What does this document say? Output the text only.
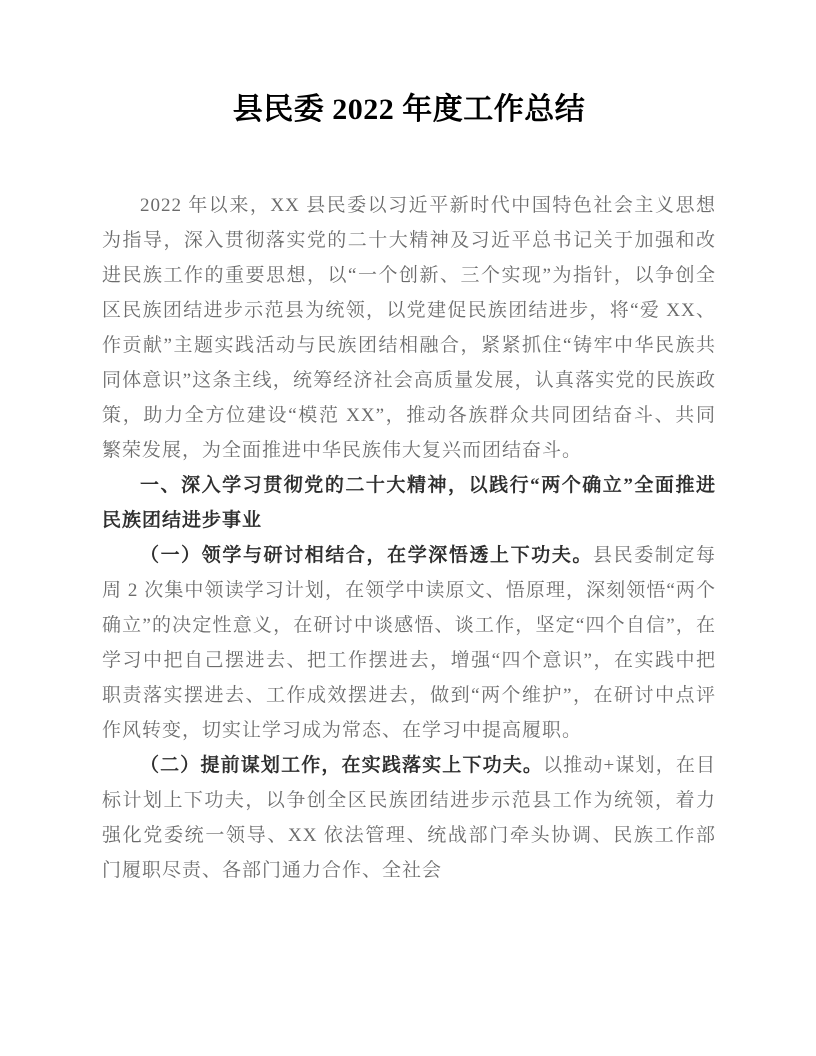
县民委 2022 年度工作总结

2022 年以来，XX 县民委以习近平新时代中国特色社会主义思想为指导，深入贯彻落实党的二十大精神及习近平总书记关于加强和改进民族工作的重要思想，以“一个创新、三个实现”为指针，以争创全区民族团结进步示范县为统领，以党建促民族团结进步，将“爱 XX、作贡献”主题实践活动与民族团结相融合，紧紧抓住“铸牢中华民族共同体意识”这条主线，统筹经济社会高质量发展，认真落实党的民族政策，助力全方位建设“模范 XX”，推动各族群众共同团结奋斗、共同繁荣发展，为全面推进中华民族伟大复兴而团结奋斗。

一、深入学习贯彻党的二十大精神，以践行“两个确立”全面推进民族团结进步事业

（一）领学与研讨相结合，在学深悟透上下功夫。县民委制定每周 2 次集中领读学习计划，在领学中读原文、悟原理，深刻领悟“两个确立”的决定性意义，在研讨中谈感悟、谈工作，坚定“四个自信”，在学习中把自己摆进去、把工作摆进去，增强“四个意识”，在实践中把职责落实摆进去、工作成效摆进去，做到“两个维护”，在研讨中点评作风转变，切实让学习成为常态、在学习中提高履职。

（二）提前谋划工作，在实践落实上下功夫。以推动+谋划，在目标计划上下功夫，以争创全区民族团结进步示范县工作为统领，着力强化党委统一领导、XX 依法管理、统战部门牵头协调、民族工作部门履职尽责、各部门通力合作、全社会
